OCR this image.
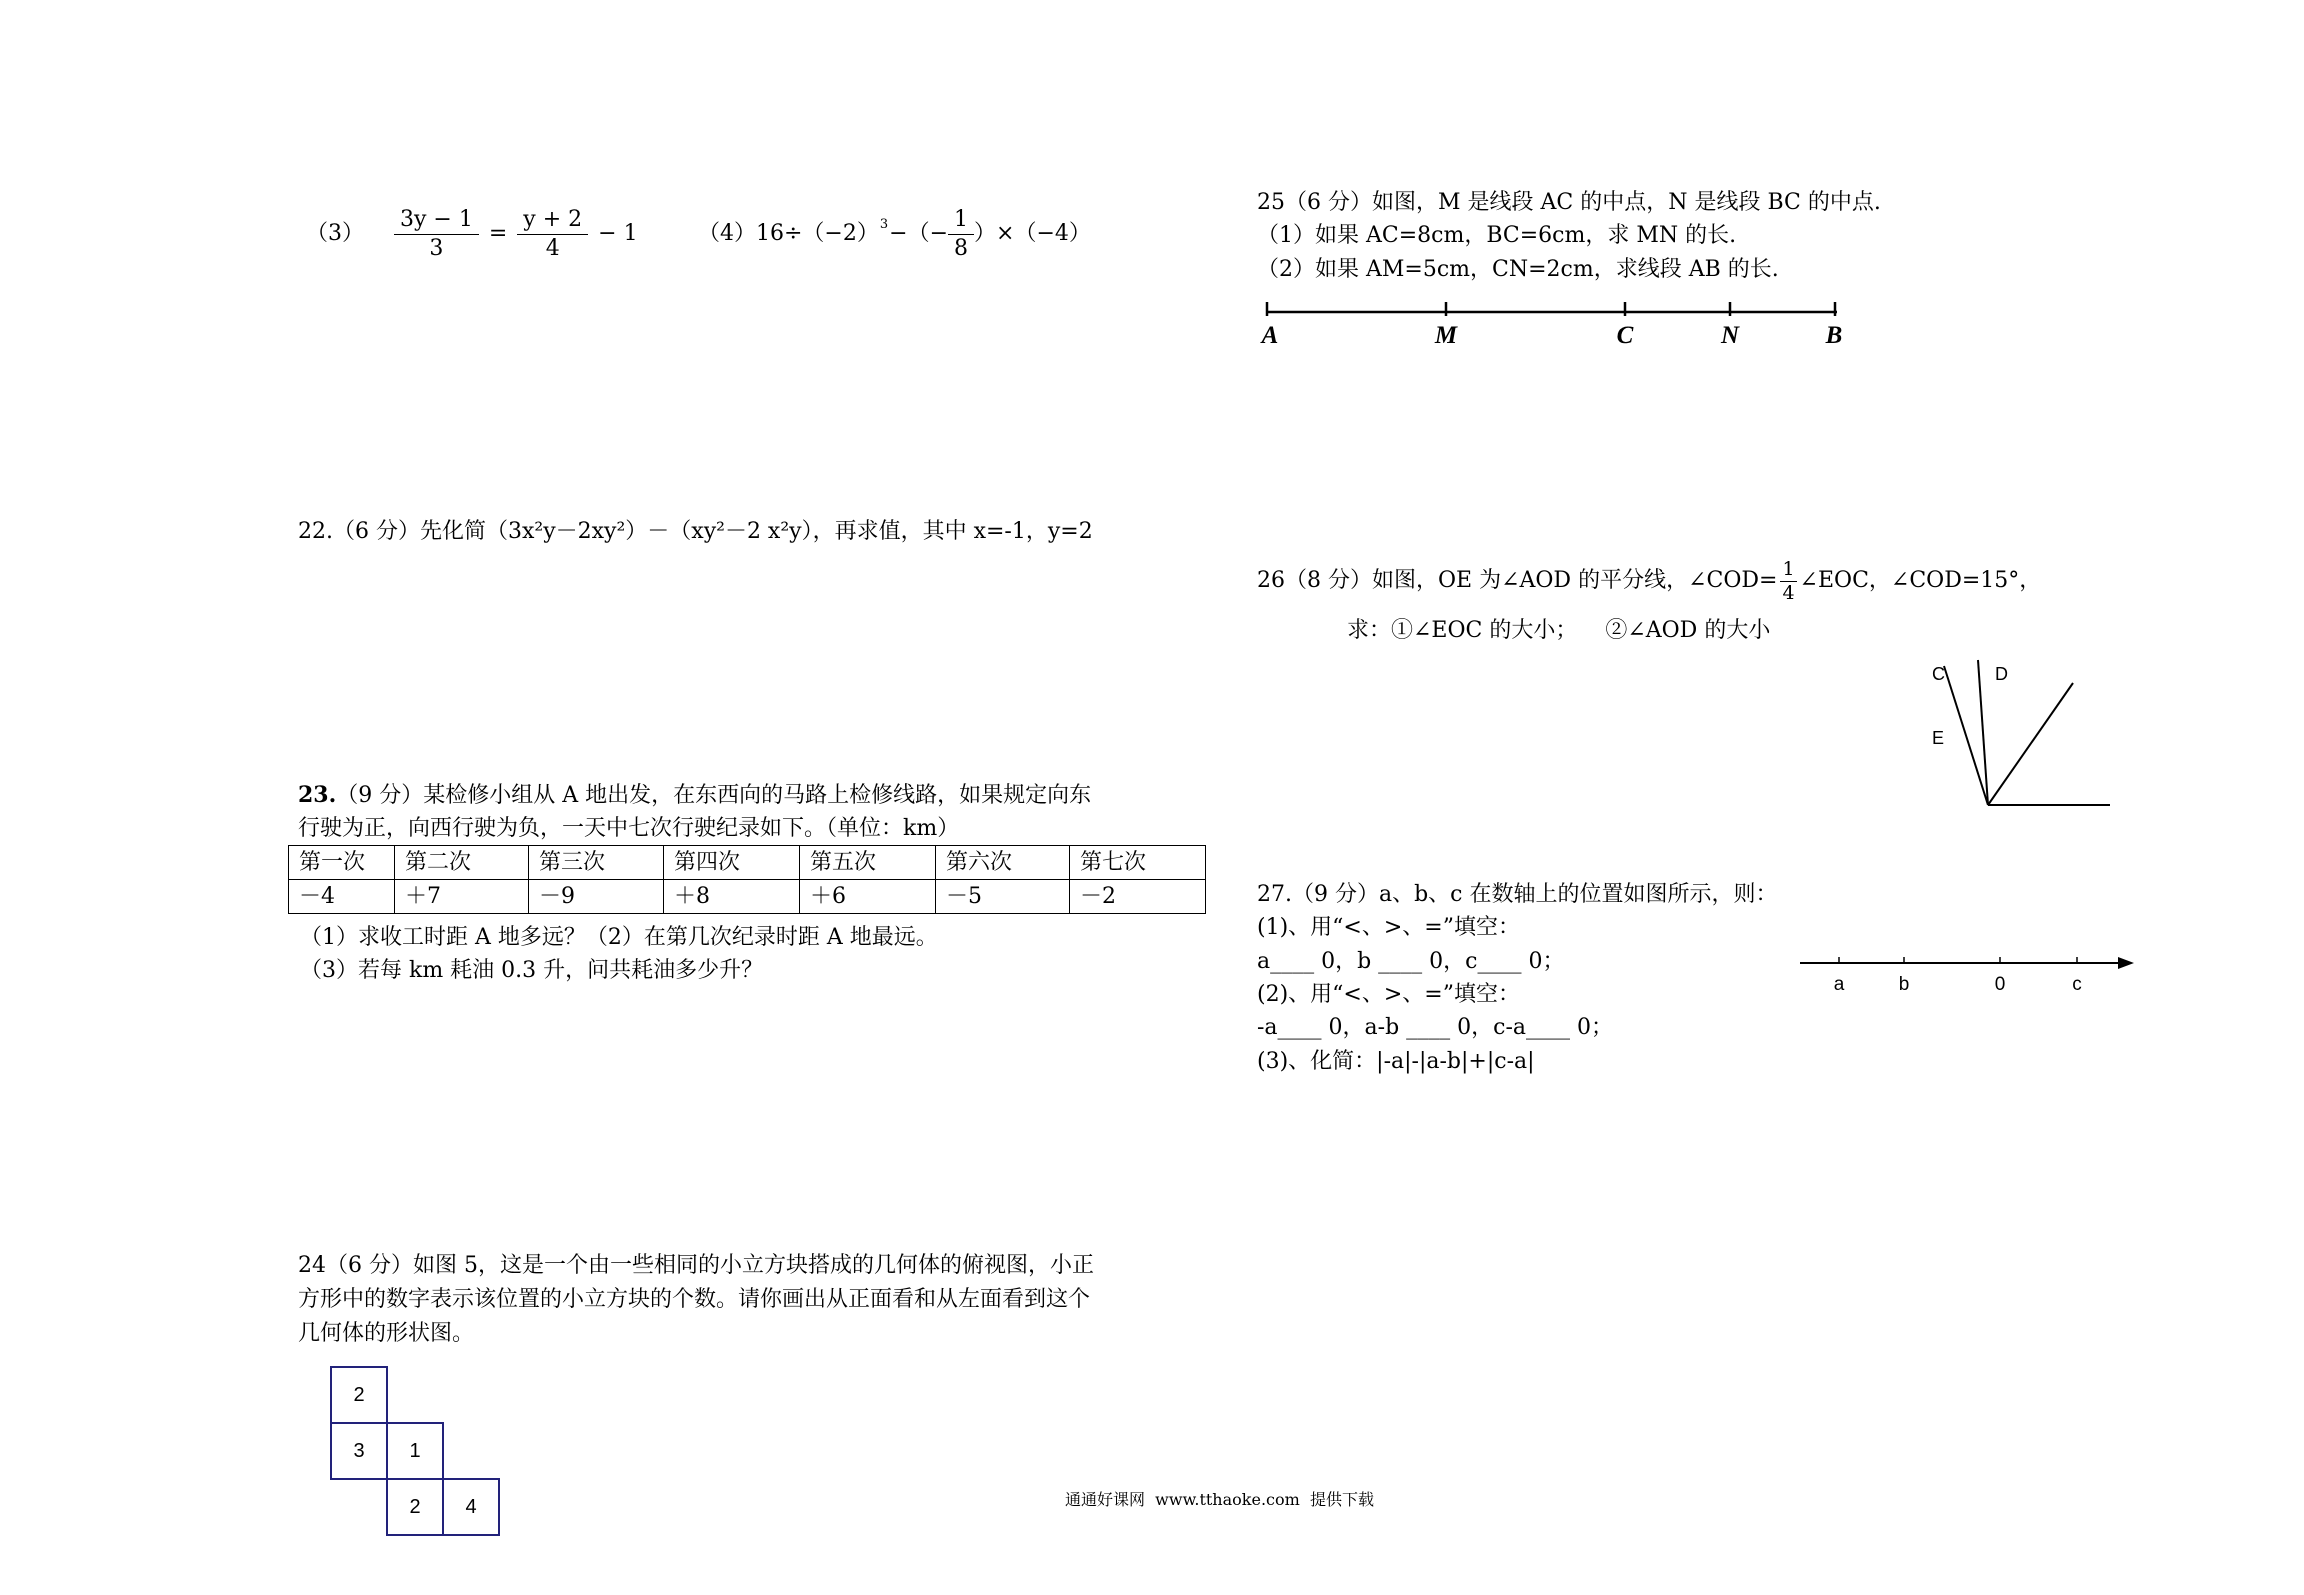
$(3) \frac{3y - 1}{3} = \frac{y + 2}{4} - 1$	（4）16÷（−2） 3 −（− $\frac{1}{8} )\times(-4)$
22.（6 分）先化简（3x²y－2xy²）－（xy²－2 x²y），再求值，其中 x=-1，y=2
23.（9 分）某检修小组从 A 地出发，在东西向的马路上检修线路，如果规定向东
行驶为正，向西行驶为负，一天中七次行驶纪录如下。（单位：km）
第一次	第二次	第三次	第四次	第五次	第六次	第七次
－4	＋7	－9	＋8	＋6	－5	－2
（1）求收工时距 A 地多远？（2）在第几次纪录时距 A 地最远。
（3）若每 km 耗油 0.3 升，问共耗油多少升？
24（6 分）如图 5，这是一个由一些相同的小立方块搭成的几何体的俯视图，小正
方形中的数字表示该位置的小立方块的个数。请你画出从正面看和从左面看到这个
几何体的形状图。
2
3	1
2	4
25（6 分）如图，M 是线段 AC 的中点，N 是线段 BC 的中点.
（1）如果 AC=8cm，BC=6cm，求 MN 的长.
（2）如果 AM=5cm，CN=2cm，求线段 AB 的长.
A	M	C	N	B
26（8 分）如图，OE 为∠AOD 的平分线，∠COD= $\frac{1}{4}$ ∠EOC，∠COD=15°，
求：①∠EOC 的大小；    ②∠AOD 的大小
C	D
E
27.（9 分）a、b、c 在数轴上的位置如图所示，则：
(1)、用“<、>、=”填空：
a____ 0，b ____ 0，c____ 0；
(2)、用“<、>、=”填空：
-a____ 0，a-b ____ 0，c-a____ 0；
(3)、化简：|-a|-|a-b|+|c-a|
a	b	0	c
通通好课网  www.tthaoke.com  提供下载
